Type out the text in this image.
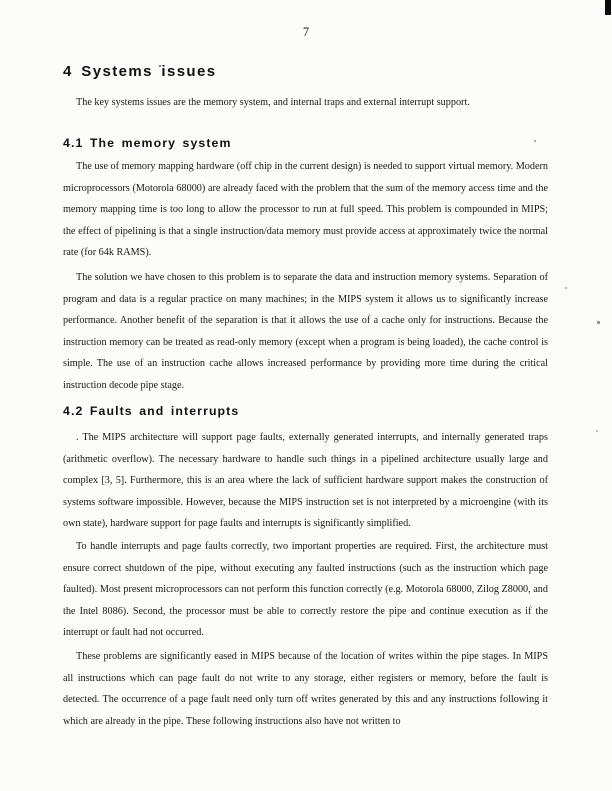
7
4 Systems issues
The key systems issues are the memory system, and internal traps and external interrupt support.
4.1 The memory system
The use of memory mapping hardware (off chip in the current design) is needed to support virtual memory. Modern microprocessors (Motorola 68000) are already faced with the problem that the sum of the memory access time and the memory mapping time is too long to allow the processor to run at full speed. This problem is compounded in MIPS; the effect of pipelining is that a single instruction/data memory must provide access at approximately twice the normal rate (for 64k RAMS).
The solution we have chosen to this problem is to separate the data and instruction memory systems. Separation of program and data is a regular practice on many machines; in the MIPS system it allows us to significantly increase performance. Another benefit of the separation is that it allows the use of a cache only for instructions. Because the instruction memory can be treated as read-only memory (except when a program is being loaded), the cache control is simple. The use of an instruction cache allows increased performance by providing more time during the critical instruction decode pipe stage.
4.2 Faults and interrupts
. The MIPS architecture will support page faults, externally generated interrupts, and internally generated traps (arithmetic overflow). The necessary hardware to handle such things in a pipelined architecture usually large and complex [3, 5]. Furthermore, this is an area where the lack of sufficient hardware support makes the construction of systems software impossible. However, because the MIPS instruction set is not interpreted by a microengine (with its own state), hardware support for page faults and interrupts is significantly simplified.
To handle interrupts and page faults correctly, two important properties are required. First, the architecture must ensure correct shutdown of the pipe, without executing any faulted instructions (such as the instruction which page faulted). Most present microprocessors can not perform this function correctly (e.g. Motorola 68000, Zilog Z8000, and the Intel 8086). Second, the processor must be able to correctly restore the pipe and continue execution as if the interrupt or fault had not occurred.
These problems are significantly eased in MIPS because of the location of writes within the pipe stages. In MIPS all instructions which can page fault do not write to any storage, either registers or memory, before the fault is detected. The occurrence of a page fault need only turn off writes generated by this and any instructions following it which are already in the pipe. These following instructions also have not written to
